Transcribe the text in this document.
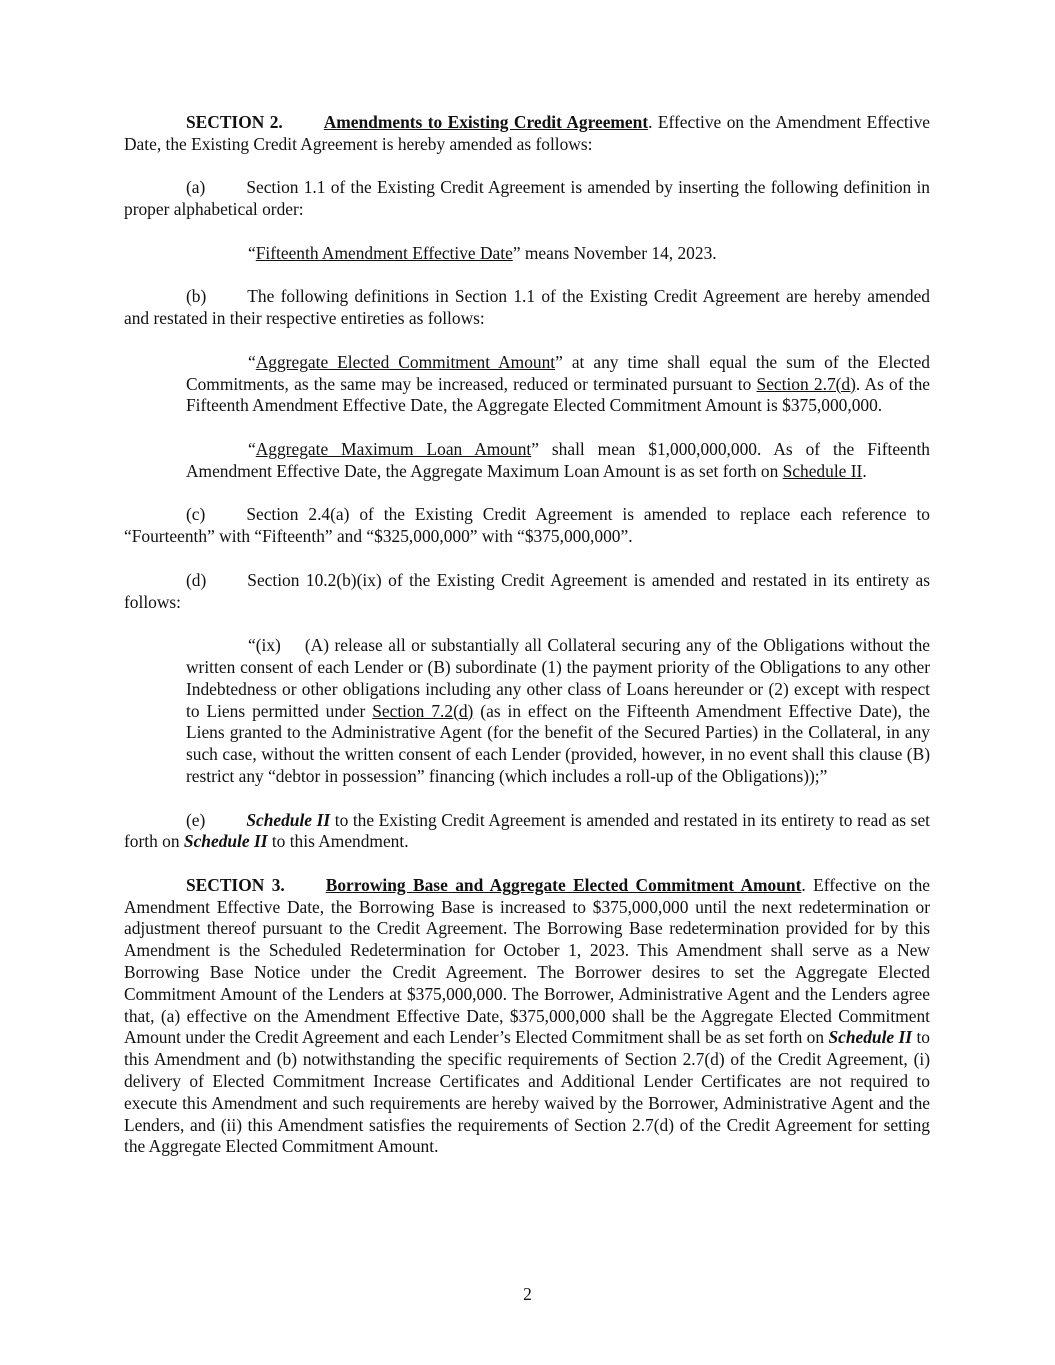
SECTION 2. Amendments to Existing Credit Agreement. Effective on the Amendment Effective Date, the Existing Credit Agreement is hereby amended as follows:

(a) Section 1.1 of the Existing Credit Agreement is amended by inserting the following definition in proper alphabetical order:

“Fifteenth Amendment Effective Date” means November 14, 2023.

(b) The following definitions in Section 1.1 of the Existing Credit Agreement are hereby amended and restated in their respective entireties as follows:

“Aggregate Elected Commitment Amount” at any time shall equal the sum of the Elected Commitments, as the same may be increased, reduced or terminated pursuant to Section 2.7(d). As of the Fifteenth Amendment Effective Date, the Aggregate Elected Commitment Amount is $375,000,000.

“Aggregate Maximum Loan Amount” shall mean $1,000,000,000. As of the Fifteenth Amendment Effective Date, the Aggregate Maximum Loan Amount is as set forth on Schedule II.

(c) Section 2.4(a) of the Existing Credit Agreement is amended to replace each reference to “Fourteenth” with “Fifteenth” and “$325,000,000” with “$375,000,000”.

(d) Section 10.2(b)(ix) of the Existing Credit Agreement is amended and restated in its entirety as follows:

“(ix) (A) release all or substantially all Collateral securing any of the Obligations without the written consent of each Lender or (B) subordinate (1) the payment priority of the Obligations to any other Indebtedness or other obligations including any other class of Loans hereunder or (2) except with respect to Liens permitted under Section 7.2(d) (as in effect on the Fifteenth Amendment Effective Date), the Liens granted to the Administrative Agent (for the benefit of the Secured Parties) in the Collateral, in any such case, without the written consent of each Lender (provided, however, in no event shall this clause (B) restrict any “debtor in possession” financing (which includes a roll-up of the Obligations));”

(e) Schedule II to the Existing Credit Agreement is amended and restated in its entirety to read as set forth on Schedule II to this Amendment.

SECTION 3. Borrowing Base and Aggregate Elected Commitment Amount. Effective on the Amendment Effective Date, the Borrowing Base is increased to $375,000,000 until the next redetermination or adjustment thereof pursuant to the Credit Agreement. The Borrowing Base redetermination provided for by this Amendment is the Scheduled Redetermination for October 1, 2023. This Amendment shall serve as a New Borrowing Base Notice under the Credit Agreement. The Borrower desires to set the Aggregate Elected Commitment Amount of the Lenders at $375,000,000. The Borrower, Administrative Agent and the Lenders agree that, (a) effective on the Amendment Effective Date, $375,000,000 shall be the Aggregate Elected Commitment Amount under the Credit Agreement and each Lender’s Elected Commitment shall be as set forth on Schedule II to this Amendment and (b) notwithstanding the specific requirements of Section 2.7(d) of the Credit Agreement, (i) delivery of Elected Commitment Increase Certificates and Additional Lender Certificates are not required to execute this Amendment and such requirements are hereby waived by the Borrower, Administrative Agent and the Lenders, and (ii) this Amendment satisfies the requirements of Section 2.7(d) of the Credit Agreement for setting the Aggregate Elected Commitment Amount.

2
